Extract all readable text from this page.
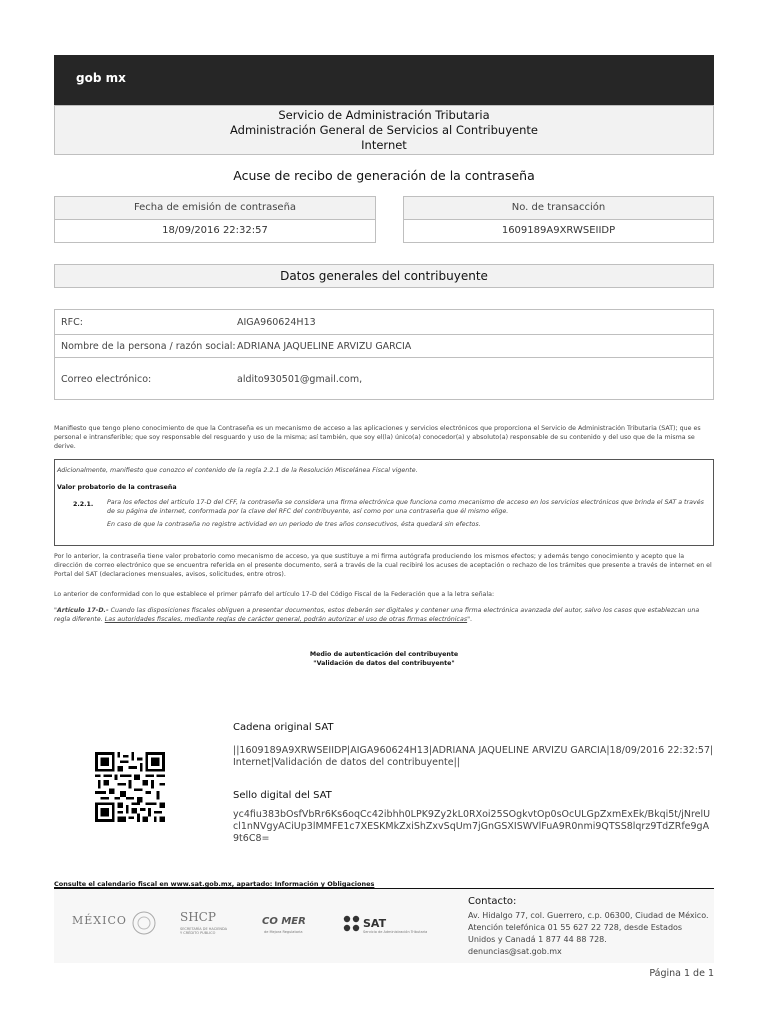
gob mx
Servicio de Administración Tributaria
Administración General de Servicios al Contribuyente
Internet
Acuse de recibo de generación de la contraseña
Fecha de emisión de contraseña
18/09/2016 22:32:57
No. de transacción
1609189A9XRWSEIIDP
Datos generales del contribuyente
RFC:	AIGA960624H13
Nombre de la persona / razón social: ADRIANA JAQUELINE ARVIZU GARCIA
Correo electrónico:	aldito930501@gmail.com,
Manifiesto que tengo pleno conocimiento de que la Contraseña es un mecanismo de acceso a las aplicaciones y servicios electrónicos que proporciona el Servicio de Administración Tributaria (SAT); que es personal e intransferible; que soy responsable del resguardo y uso de la misma; así también, que soy el(la) único(a) conocedor(a) y absoluto(a) responsable de su contenido y del uso que de la misma se derive.
Adicionalmente, manifiesto que conozco el contenido de la regla 2.2.1 de la Resolución Miscelánea Fiscal vigente.
Valor probatorio de la contraseña
2.2.1. Para los efectos del artículo 17-D del CFF, la contraseña se considera una firma electrónica que funciona como mecanismo de acceso en los servicios electrónicos que brinda el SAT a través de su página de internet, conformada por la clave del RFC del contribuyente, así como por una contraseña que él mismo elige.
En caso de que la contraseña no registre actividad en un periodo de tres años consecutivos, ésta quedará sin efectos.
Por lo anterior, la contraseña tiene valor probatorio como mecanismo de acceso, ya que sustituye a mi firma autógrafa produciendo los mismos efectos; y además tengo conocimiento y acepto que la dirección de correo electrónico que se encuentra referida en el presente documento, será a través de la cual recibiré los acuses de aceptación o rechazo de los trámites que presente a través de internet en el Portal del SAT (declaraciones mensuales, avisos, solicitudes, entre otros).
Lo anterior de conformidad con lo que establece el primer párrafo del artículo 17-D del Código Fiscal de la Federación que a la letra señala:
"Artículo 17-D.- Cuando las disposiciones fiscales obliguen a presentar documentos, estos deberán ser digitales y contener una firma electrónica avanzada del autor, salvo los casos que establezcan una regla diferente. Las autoridades fiscales, mediante reglas de carácter general, podrán autorizar el uso de otras firmas electrónicas".
Medio de autenticación del contribuyente
"Validación de datos del contribuyente"
Cadena original SAT
||1609189A9XRWSEIIDP|AIGA960624H13|ADRIANA JAQUELINE ARVIZU GARCIA|18/09/2016 22:32:57|Internet|Validación de datos del contribuyente||
Sello digital del SAT
yc4fiu383bOsfVbRr6Ks6oqCc42ibhh0LPK9Zy2kL0RXoi25SOgkvtOp0sOcULGpZxmExEk/Bkqi5t/jNrelUcl1nNVgyACiUp3lMMFE1c7XESKMkZxiShZxvSqUm7jGnGSXISWVlFuA9R0nmi9QTSS8lqrz9TdZRfe9gA9t6C8=
Consulte el calendario fiscal en www.sat.gob.mx, apartado: Información y Obligaciones
MÉXICO	SHCP
SECRETARÍA DE HACIENDA
Y CRÉDITO PÚBLICO
CO MER
de Mejora Regulatoria
SAT
Servicio de Administración Tributaria
Contacto:
Av. Hidalgo 77, col. Guerrero, c.p. 06300, Ciudad de México.
Atención telefónica 01 55 627 22 728, desde Estados
Unidos y Canadá 1 877 44 88 728.
denuncias@sat.gob.mx
Página 1 de 1
